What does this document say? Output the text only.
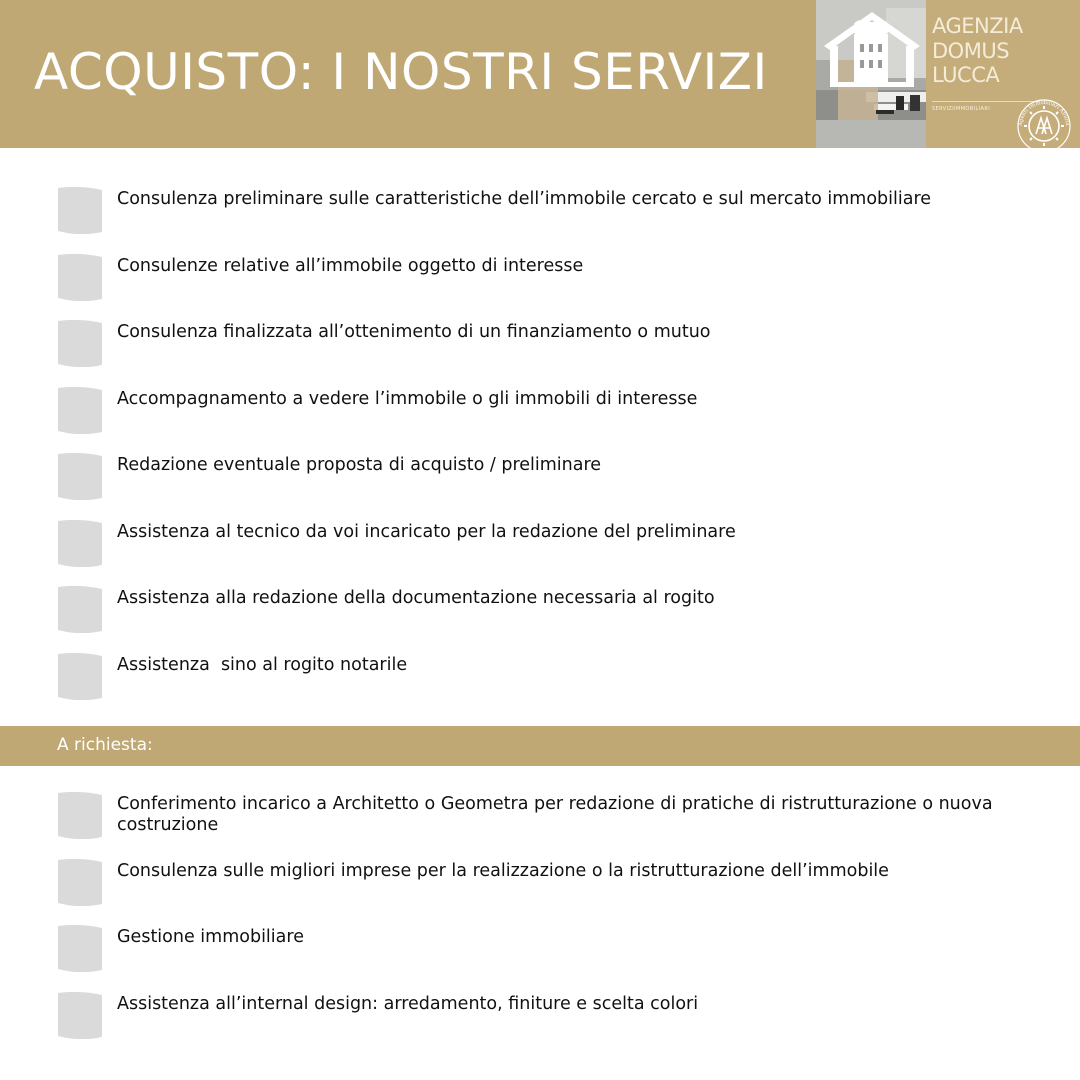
ACQUISTO: I NOSTRI SERVIZI
AGENZIA
DOMUS
LUCCA
SERVIZIIMMOBILIARI
Agenti Immobiliari Abilita
Consulenza preliminare sulle caratteristiche dell’immobile cercato e sul mercato immobiliare
Consulenze relative all’immobile oggetto di interesse
Consulenza finalizzata all’ottenimento di un finanziamento o mutuo
Accompagnamento a vedere l’immobile o gli immobili di interesse
Redazione eventuale proposta di acquisto / preliminare
Assistenza al tecnico da voi incaricato per la redazione del preliminare
Assistenza alla redazione della documentazione necessaria al rogito
Assistenza  sino al rogito notarile
A richiesta:
Conferimento incarico a Architetto o Geometra per redazione di pratiche di ristrutturazione o nuova costruzione
Consulenza sulle migliori imprese per la realizzazione o la ristrutturazione dell’immobile
Gestione immobiliare
Assistenza all’internal design: arredamento, finiture e scelta colori
